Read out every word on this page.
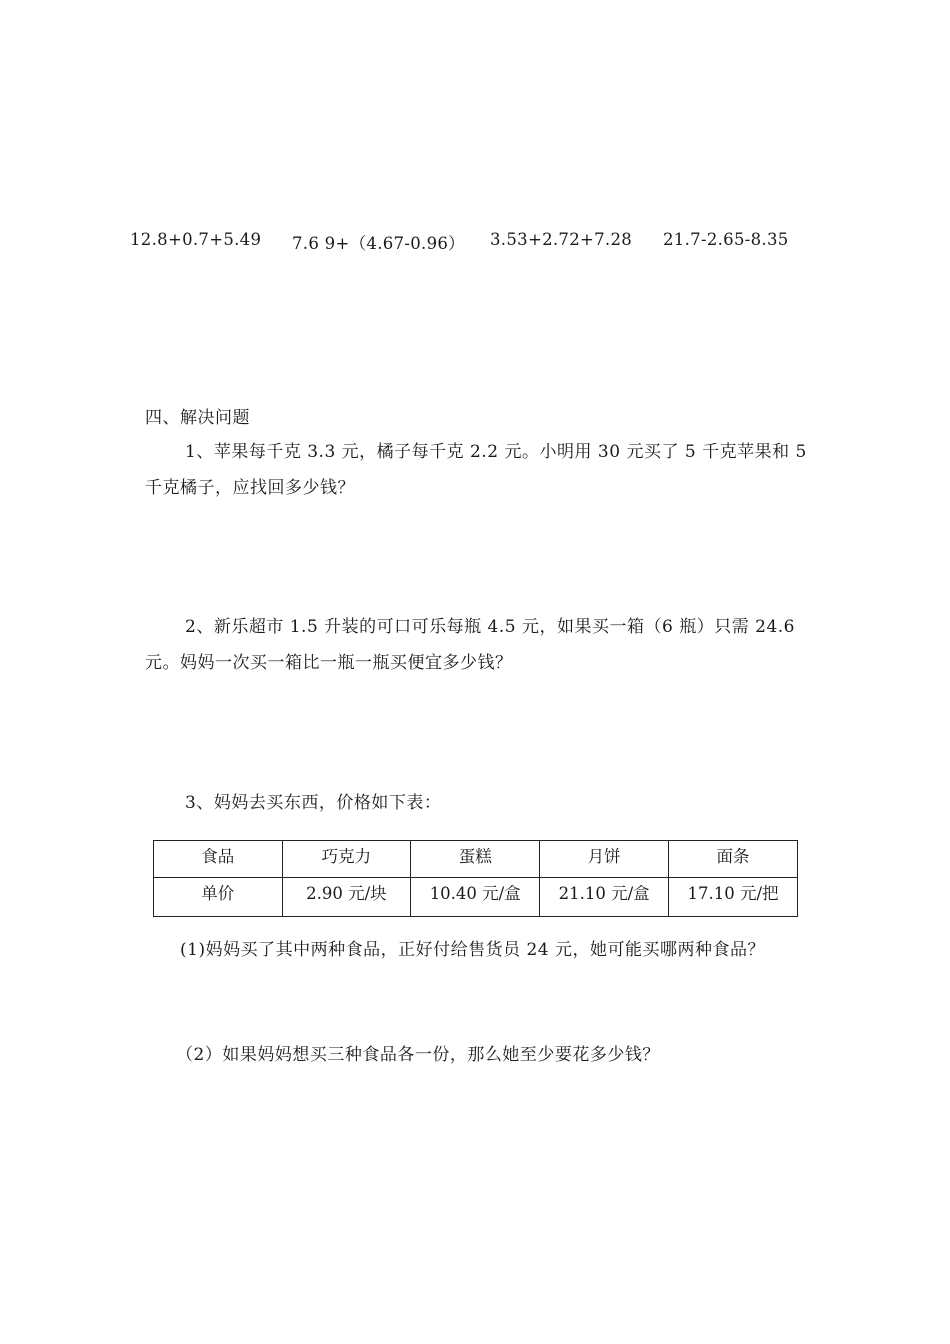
12.8+0.7+5.49 7.6 9+（4.67-0.96） 3.53+2.72+7.28 21.7-2.65-8.35
四、解决问题
1、苹果每千克 3.3 元，橘子每千克 2.2 元。小明用 30 元买了 5 千克苹果和 5
千克橘子，应找回多少钱？
2、新乐超市 1.5 升装的可口可乐每瓶 4.5 元，如果买一箱（6 瓶）只需 24.6
元。妈妈一次买一箱比一瓶一瓶买便宜多少钱？
3、妈妈去买东西，价格如下表：
食品	巧克力	蛋糕	月饼	面条
单价	2.90 元/块	10.40 元/盒	21.10 元/盒	17.10 元/把
(1)妈妈买了其中两种食品，正好付给售货员 24 元，她可能买哪两种食品？
（2）如果妈妈想买三种食品各一份，那么她至少要花多少钱？
